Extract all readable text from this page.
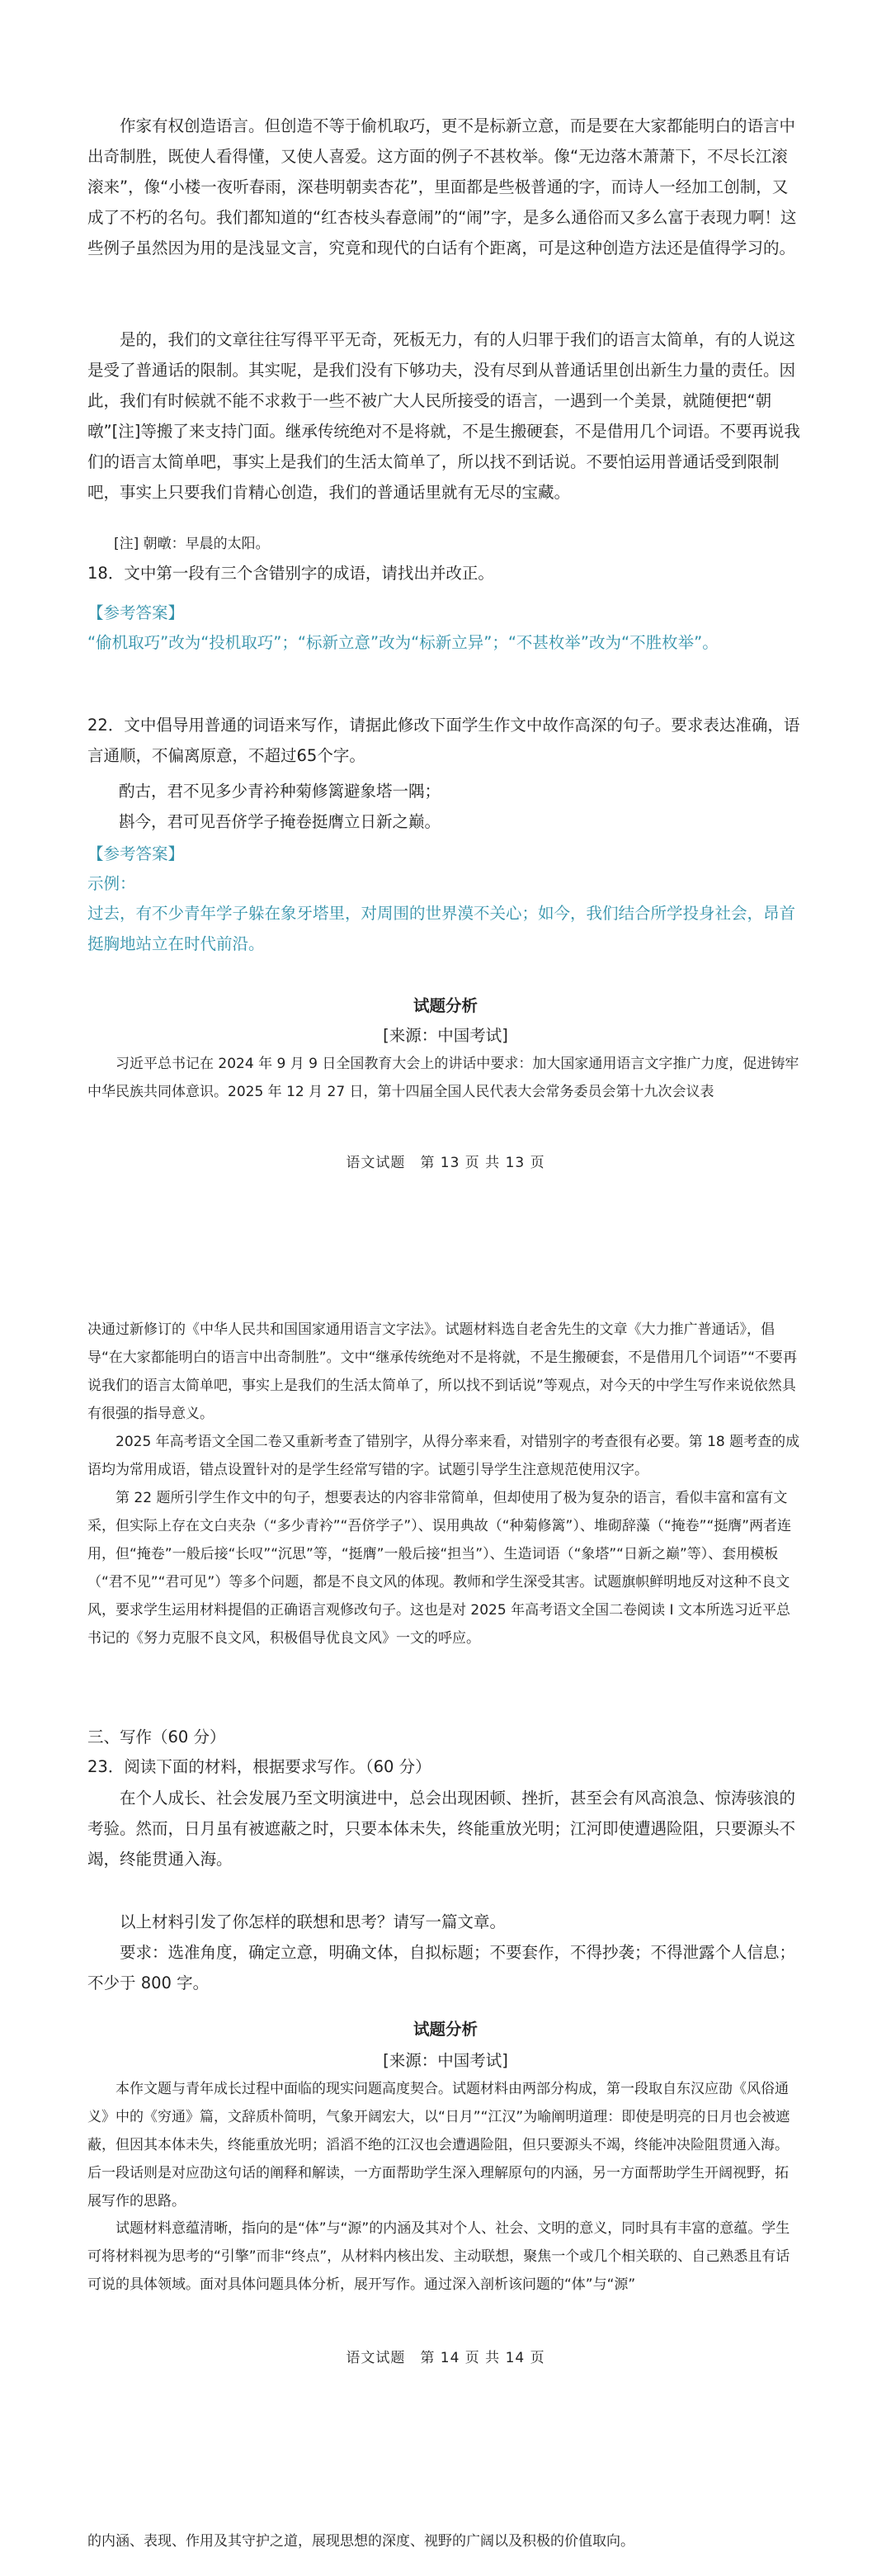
作家有权创造语言。但创造不等于偷机取巧，更不是标新立意，而是要在大家都能明白的语言中出奇制胜，既使人看得懂，又使人喜爱。这方面的例子不甚枚举。像“无边落木萧萧下，不尽长江滚滚来”，像“小楼一夜听春雨，深巷明朝卖杏花”，里面都是些极普通的字，而诗人一经加工创制，又成了不朽的名句。我们都知道的“红杏枝头春意闹”的“闹”字，是多么通俗而又多么富于表现力啊！这些例子虽然因为用的是浅显文言，究竟和现代的白话有个距离，可是这种创造方法还是值得学习的。

是的，我们的文章往往写得平平无奇，死板无力，有的人归罪于我们的语言太简单，有的人说这是受了普通话的限制。其实呢，是我们没有下够功夫，没有尽到从普通话里创出新生力量的责任。因此，我们有时候就不能不求救于一些不被广大人民所接受的语言，一遇到一个美景，就随便把“朝暾”[注]等搬了来支持门面。继承传统绝对不是将就，不是生搬硬套，不是借用几个词语。不要再说我们的语言太简单吧，事实上是我们的生活太简单了，所以找不到话说。不要怕运用普通话受到限制吧，事实上只要我们肯精心创造，我们的普通话里就有无尽的宝藏。

[注] 朝暾：早晨的太阳。

18．文中第一段有三个含错别字的成语，请找出并改正。

【参考答案】

“偷机取巧”改为“投机取巧”；“标新立意”改为“标新立异”；“不甚枚举”改为“不胜枚举”。

22．文中倡导用普通的词语来写作，请据此修改下面学生作文中故作高深的句子。要求表达准确，语言通顺，不偏离原意，不超过65个字。

酌古，君不见多少青衿种菊修篱避象塔一隅；

斟今，君可见吾侪学子掩卷挺膺立日新之巅。

【参考答案】

示例：

过去，有不少青年学子躲在象牙塔里，对周围的世界漠不关心；如今，我们结合所学投身社会，昂首挺胸地站立在时代前沿。

试题分析

[来源：中国考试]

习近平总书记在 2024 年 9 月 9 日全国教育大会上的讲话中要求：加大国家通用语言文字推广力度，促进铸牢中华民族共同体意识。2025 年 12 月 27 日，第十四届全国人民代表大会常务委员会第十九次会议表

语文试题　第 13 页 共 13 页

决通过新修订的《中华人民共和国国家通用语言文字法》。试题材料选自老舍先生的文章《大力推广普通话》，倡导“在大家都能明白的语言中出奇制胜”。文中“继承传统绝对不是将就，不是生搬硬套，不是借用几个词语”“不要再说我们的语言太简单吧，事实上是我们的生活太简单了，所以找不到话说”等观点，对今天的中学生写作来说依然具有很强的指导意义。

2025 年高考语文全国二卷又重新考查了错别字，从得分率来看，对错别字的考查很有必要。第 18 题考查的成语均为常用成语，错点设置针对的是学生经常写错的字。试题引导学生注意规范使用汉字。

第 22 题所引学生作文中的句子，想要表达的内容非常简单，但却使用了极为复杂的语言，看似丰富和富有文采，但实际上存在文白夹杂（“多少青衿”“吾侪学子”）、误用典故（“种菊修篱”）、堆砌辞藻（“掩卷”“挺膺”两者连用，但“掩卷”一般后接“长叹”“沉思”等，“挺膺”一般后接“担当”）、生造词语（“象塔”“日新之巅”等）、套用模板（“君不见”“君可见”）等多个问题，都是不良文风的体现。教师和学生深受其害。试题旗帜鲜明地反对这种不良文风，要求学生运用材料提倡的正确语言观修改句子。这也是对 2025 年高考语文全国二卷阅读 I 文本所选习近平总书记的《努力克服不良文风，积极倡导优良文风》一文的呼应。

三、写作（60 分）

23．阅读下面的材料，根据要求写作。（60 分）

在个人成长、社会发展乃至文明演进中，总会出现困顿、挫折，甚至会有风高浪急、惊涛骇浪的考验。然而，日月虽有被遮蔽之时，只要本体未失，终能重放光明；江河即使遭遇险阻，只要源头不竭，终能贯通入海。

以上材料引发了你怎样的联想和思考？请写一篇文章。

要求：选准角度，确定立意，明确文体，自拟标题；不要套作，不得抄袭；不得泄露个人信息；不少于 800 字。

试题分析

[来源：中国考试]

本作文题与青年成长过程中面临的现实问题高度契合。试题材料由两部分构成，第一段取自东汉应劭《风俗通义》中的《穷通》篇，文辞质朴简明，气象开阔宏大，以“日月”“江汉”为喻阐明道理：即使是明亮的日月也会被遮蔽，但因其本体未失，终能重放光明；滔滔不绝的江汉也会遭遇险阻，但只要源头不竭，终能冲决险阻贯通入海。后一段话则是对应劭这句话的阐释和解读，一方面帮助学生深入理解原句的内涵，另一方面帮助学生开阔视野，拓展写作的思路。

试题材料意蕴清晰，指向的是“体”与“源”的内涵及其对个人、社会、文明的意义，同时具有丰富的意蕴。学生可将材料视为思考的“引擎”而非“终点”，从材料内核出发、主动联想，聚焦一个或几个相关联的、自己熟悉且有话可说的具体领域。面对具体问题具体分析，展开写作。通过深入剖析该问题的“体”与“源”

语文试题　第 14 页 共 14 页

的内涵、表现、作用及其守护之道，展现思想的深度、视野的广阔以及积极的价值取向。
